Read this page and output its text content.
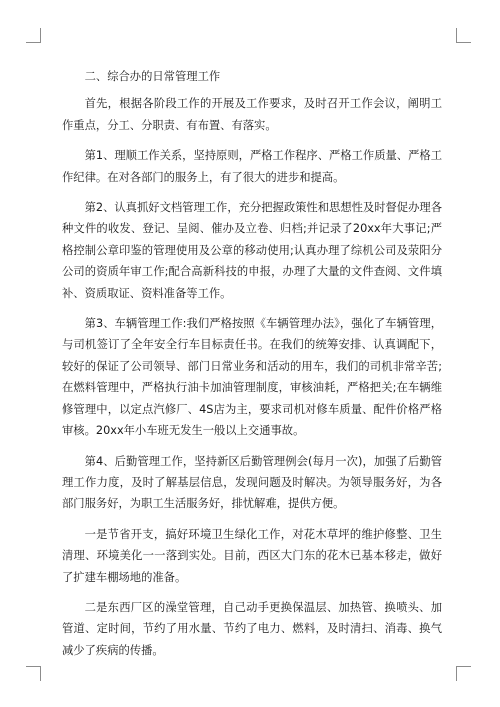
二、综合办的日常管理工作

首先，根据各阶段工作的开展及工作要求，及时召开工作会议，阐明工作重点，分工、分职责、有布置、有落实。

第1、理顺工作关系，坚持原则，严格工作程序、严格工作质量、严格工作纪律。在对各部门的服务上，有了很大的进步和提高。

第2、认真抓好文档管理工作，充分把握政策性和思想性及时督促办理各种文件的收发、登记、呈阅、催办及立卷、归档;并记录了20xx年大事记;严格控制公章印鉴的管理使用及公章的移动使用;认真办理了综机公司及荥阳分公司的资质年审工作;配合高新科技的申报，办理了大量的文件查阅、文件填补、资质取证、资料准备等工作。

第3、车辆管理工作:我们严格按照《车辆管理办法》，强化了车辆管理，与司机签订了全年安全行车目标责任书。在我们的统筹安排、认真调配下，较好的保证了公司领导、部门日常业务和活动的用车，我们的司机非常辛苦;在燃料管理中，严格执行油卡加油管理制度，审核油耗，严格把关;在车辆维修管理中，以定点汽修厂、4S店为主，要求司机对修车质量、配件价格严格审核。20xx年小车班无发生一般以上交通事故。

第4、后勤管理工作，坚持新区后勤管理例会(每月一次)，加强了后勤管理工作力度，及时了解基层信息，发现问题及时解决。为领导服务好，为各部门服务好，为职工生活服务好，排忧解难，提供方便。

一是节省开支，搞好环境卫生绿化工作，对花木草坪的维护修整、卫生清理、环境美化一一落到实处。目前，西区大门东的花木已基本移走，做好了扩建车棚场地的准备。

二是东西厂区的澡堂管理，自己动手更换保温层、加热管、换喷头、加管道、定时间，节约了用水量、节约了电力、燃料，及时清扫、消毒、换气减少了疾病的传播。
